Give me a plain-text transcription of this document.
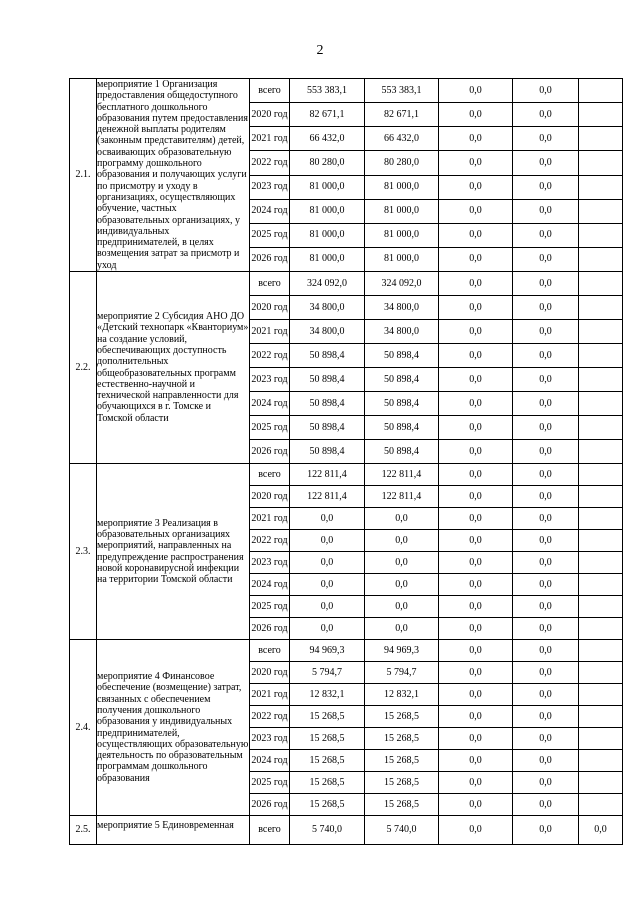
2
2.1.	мероприятие 1 Организация предоставления общедоступного бесплатного дошкольного образования путем предоставления денежной выплаты родителям (законным представителям) детей, осваивающих образовательную программу дошкольного образования и получающих услуги по присмотру и уходу в организациях, осуществляющих обучение, частных образовательных организациях, у индивидуальных предпринимателей, в целях возмещения затрат за присмотр и уход	всего	553 383,1	553 383,1	0,0	0,0	
		2020 год	82 671,1	82 671,1	0,0	0,0	
		2021 год	66 432,0	66 432,0	0,0	0,0	
		2022 год	80 280,0	80 280,0	0,0	0,0	
		2023 год	81 000,0	81 000,0	0,0	0,0	
		2024 год	81 000,0	81 000,0	0,0	0,0	
		2025 год	81 000,0	81 000,0	0,0	0,0	
		2026 год	81 000,0	81 000,0	0,0	0,0	
2.2.	мероприятие 2 Субсидия АНО ДО «Детский технопарк «Кванториум» на создание условий, обеспечивающих доступность дополнительных общеобразовательных программ естественно-научной и технической направленности для обучающихся в г. Томске и Томской области	всего	324 092,0	324 092,0	0,0	0,0	
		2020 год	34 800,0	34 800,0	0,0	0,0	
		2021 год	34 800,0	34 800,0	0,0	0,0	
		2022 год	50 898,4	50 898,4	0,0	0,0	
		2023 год	50 898,4	50 898,4	0,0	0,0	
		2024 год	50 898,4	50 898,4	0,0	0,0	
		2025 год	50 898,4	50 898,4	0,0	0,0	
		2026 год	50 898,4	50 898,4	0,0	0,0	
2.3.	мероприятие 3 Реализация в образовательных организациях мероприятий, направленных на предупреждение распространения новой коронавирусной инфекции на территории Томской области	всего	122 811,4	122 811,4	0,0	0,0	
		2020 год	122 811,4	122 811,4	0,0	0,0	
		2021 год	0,0	0,0	0,0	0,0	
		2022 год	0,0	0,0	0,0	0,0	
		2023 год	0,0	0,0	0,0	0,0	
		2024 год	0,0	0,0	0,0	0,0	
		2025 год	0,0	0,0	0,0	0,0	
		2026 год	0,0	0,0	0,0	0,0	
2.4.	мероприятие 4 Финансовое обеспечение (возмещение) затрат, связанных с обеспечением получения дошкольного образования у индивидуальных предпринимателей, осуществляющих образовательную деятельность по образовательным программам дошкольного образования	всего	94 969,3	94 969,3	0,0	0,0	
		2020 год	5 794,7	5 794,7	0,0	0,0	
		2021 год	12 832,1	12 832,1	0,0	0,0	
		2022 год	15 268,5	15 268,5	0,0	0,0	
		2023 год	15 268,5	15 268,5	0,0	0,0	
		2024 год	15 268,5	15 268,5	0,0	0,0	
		2025 год	15 268,5	15 268,5	0,0	0,0	
		2026 год	15 268,5	15 268,5	0,0	0,0	
2.5.	мероприятие 5 Единовременная	всего	5 740,0	5 740,0	0,0	0,0	0,0
